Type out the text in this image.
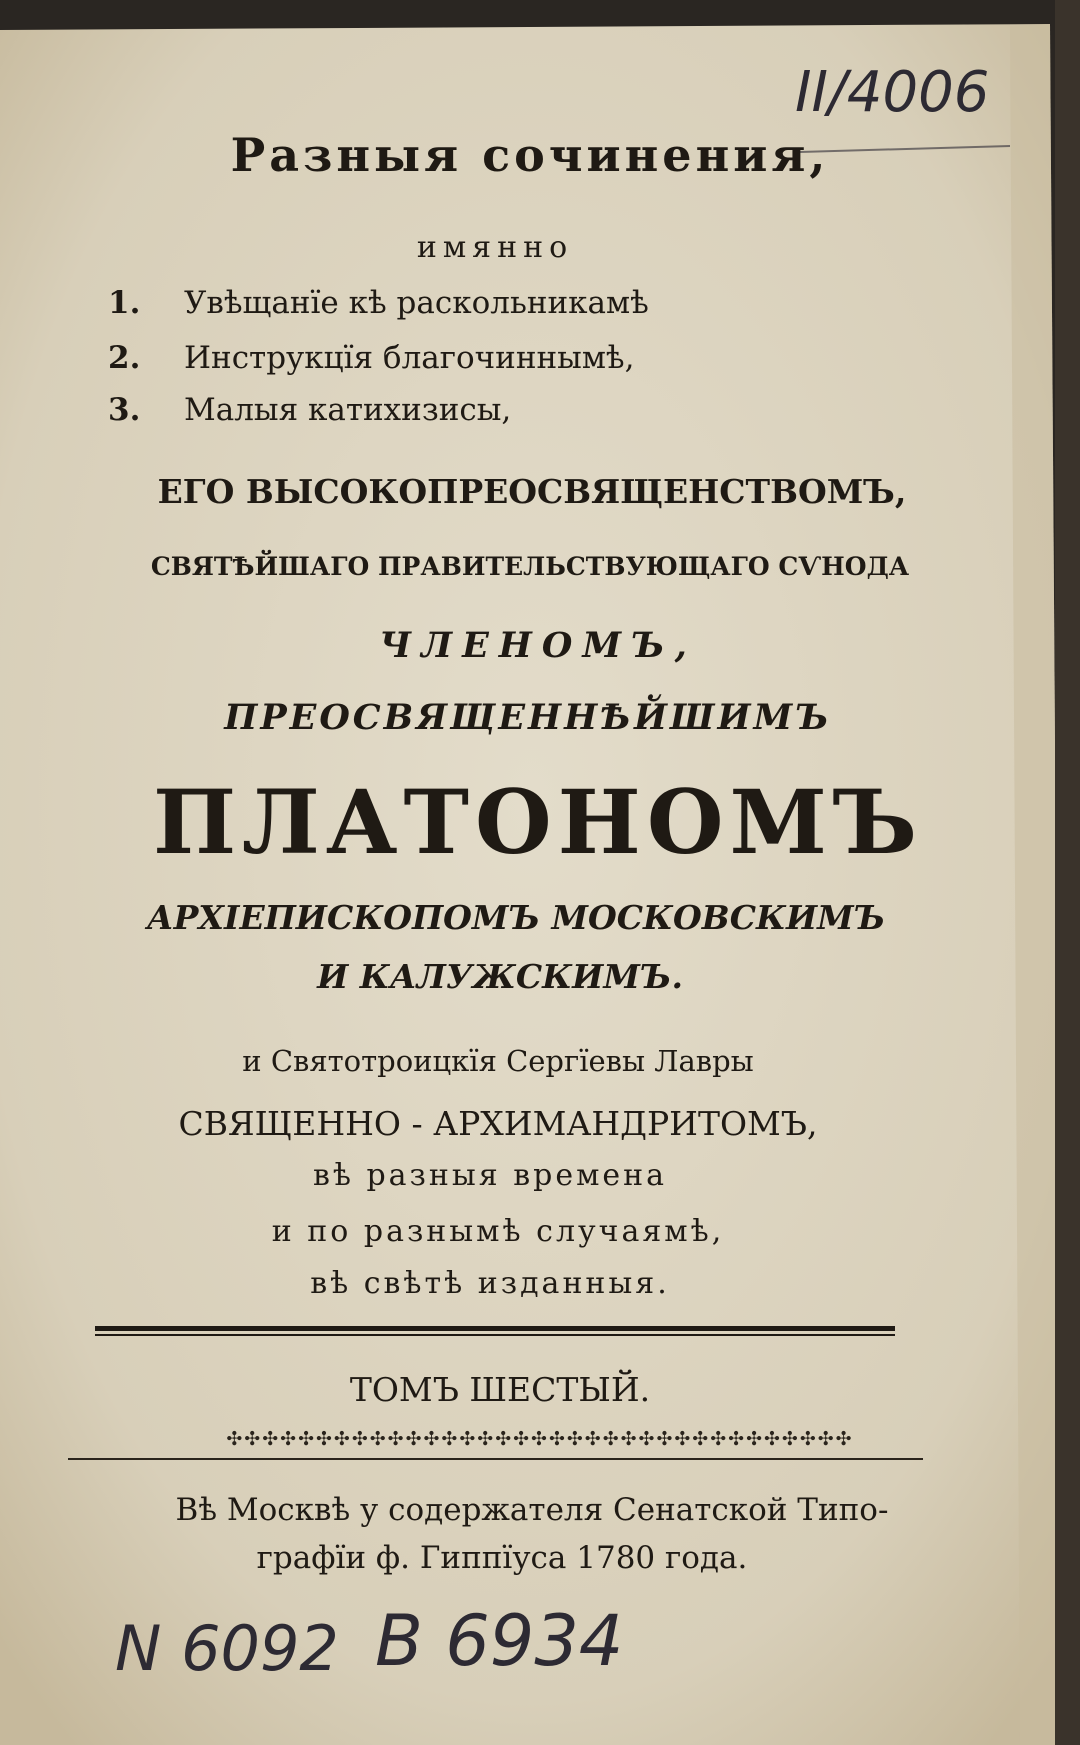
Разныя сочинения,
имянно
1. Увѣщанїе кѣ раскольникамѣ
2. Инструкцїя благочиннымѣ,
3. Малыя катихизисы,
ЕГО ВЫСОКОПРЕОСВЯЩЕНСТВОМЪ,
СВЯТѢЙШАГО ПРАВИТЕЛЬСТВУЮЩАГО СѴНОДА
ЧЛЕНОМЪ,
ПРЕОСВЯЩЕННѢЙШИМЪ
ПЛАТОНОМЪ
АРХІЕПИСКОПОМЪ МОСКОВСКИМЪ
И КАЛУЖСКИМЪ.
и Святотроицкїя Сергїевы Лавры
СВЯЩЕННО - АРХИМАНДРИТОМЪ,
вѣ разныя времена
и по разнымѣ случаямѣ,
вѣ свѣтѣ изданныя.
ТОМЪ ШЕСТЫЙ.
✣✣✣✣✣✣✣✣✣✣✣✣✣✣✣✣✣✣✣✣✣✣✣✣✣✣✣✣✣✣✣✣✣✣✣
Вѣ Москвѣ у содержателя Сенатской Типо-
графїи ф. Гиппїуса 1780 года.
II/4006
N 6092 B 6934
